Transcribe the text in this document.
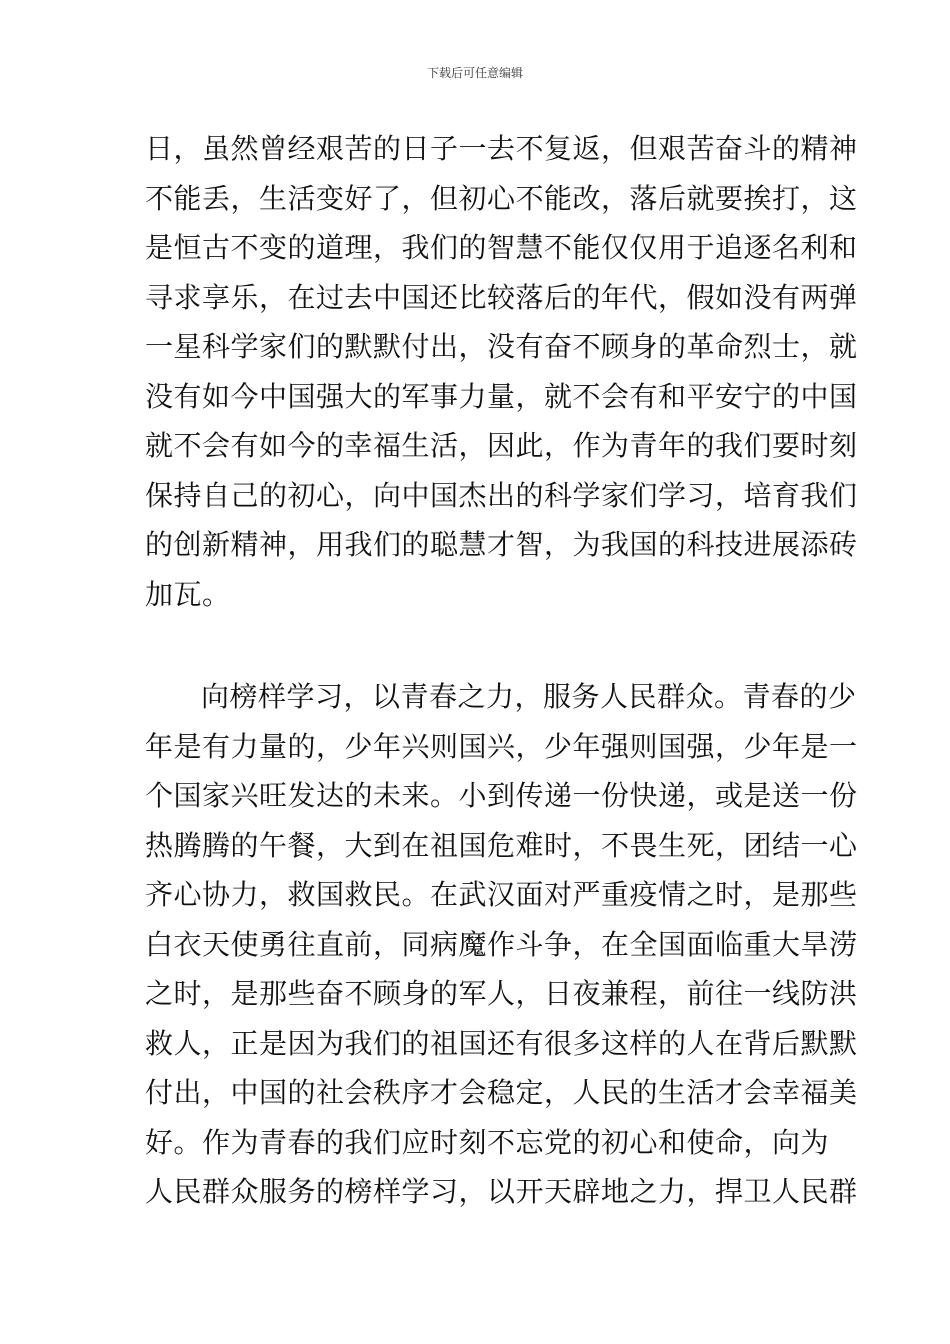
下载后可任意编辑
日，虽然曾经艰苦的日子一去不复返，但艰苦奋斗的精神
不能丢，生活变好了，但初心不能改，落后就要挨打，这
是恒古不变的道理，我们的智慧不能仅仅用于追逐名利和
寻求享乐，在过去中国还比较落后的年代，假如没有两弹
一星科学家们的默默付出，没有奋不顾身的革命烈士，就
没有如今中国强大的军事力量，就不会有和平安宁的中国
就不会有如今的幸福生活，因此，作为青年的我们要时刻
保持自己的初心，向中国杰出的科学家们学习，培育我们
的创新精神，用我们的聪慧才智，为我国的科技进展添砖
加瓦。
向榜样学习，以青春之力，服务人民群众。青春的少
年是有力量的，少年兴则国兴，少年强则国强，少年是一
个国家兴旺发达的未来。小到传递一份快递，或是送一份
热腾腾的午餐，大到在祖国危难时，不畏生死，团结一心
齐心协力，救国救民。在武汉面对严重疫情之时，是那些
白衣天使勇往直前，同病魔作斗争，在全国面临重大旱涝
之时，是那些奋不顾身的军人，日夜兼程，前往一线防洪
救人，正是因为我们的祖国还有很多这样的人在背后默默
付出，中国的社会秩序才会稳定，人民的生活才会幸福美
好。作为青春的我们应时刻不忘党的初心和使命，向为
人民群众服务的榜样学习，以开天辟地之力，捍卫人民群
